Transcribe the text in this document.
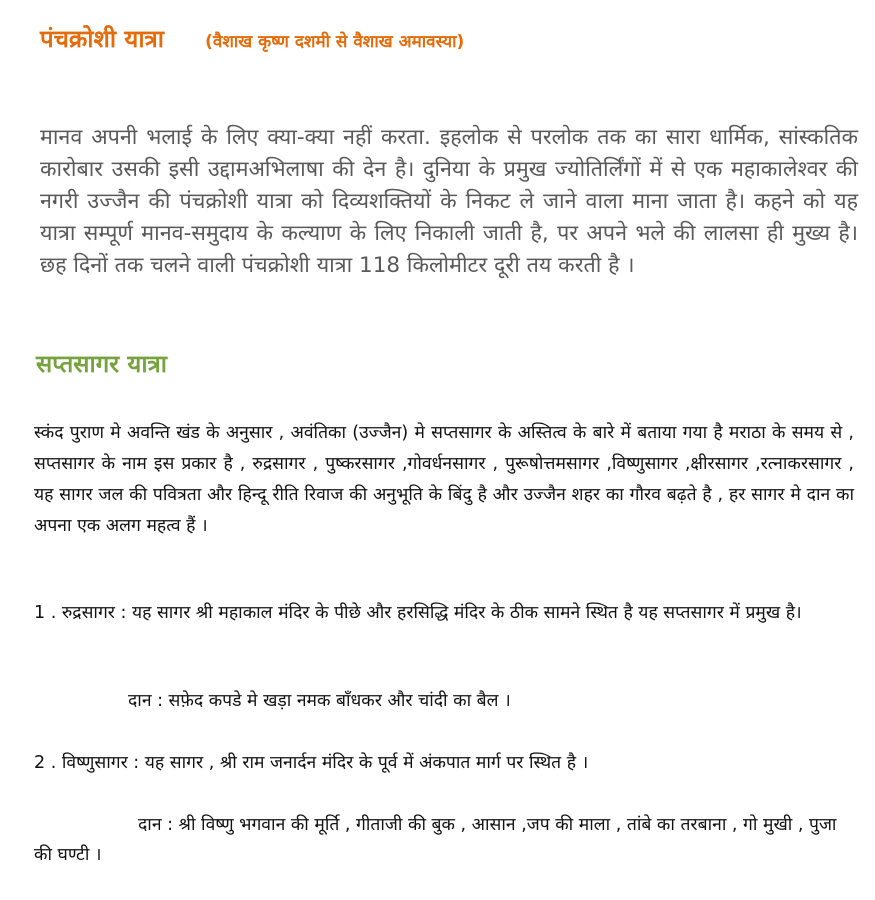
पंचक्रोशी यात्रा (वैशाख कृष्ण दशमी से वैशाख अमावस्या)

मानव अपनी भलाई के लिए क्या-क्या नहीं करता. इहलोक से परलोक तक का सारा धार्मिक, सांस्कतिक कारोबार उसकी इसी उद्दामअभिलाषा की देन है। दुनिया के प्रमुख ज्योतिर्लिंगों में से एक महाकालेश्वर की नगरी उज्जैन की पंचक्रोशी यात्रा को दिव्यशक्तियों के निकट ले जाने वाला माना जाता है। कहने को यह यात्रा सम्पूर्ण मानव-समुदाय के कल्याण के लिए निकाली जाती है, पर अपने भले की लालसा ही मुख्य है। छह दिनों तक चलने वाली पंचक्रोशी यात्रा 118 किलोमीटर दूरी तय करती है ।

सप्तसागर यात्रा

स्कंद पुराण मे अवन्ति खंड के अनुसार , अवंतिका (उज्जैन) मे सप्तसागर के अस्तित्व के बारे में बताया गया है मराठा के समय से , सप्तसागर के नाम इस प्रकार है , रुद्रसागर , पुष्करसागर ,गोवर्धनसागर , पुरूषोत्तमसागर ,विष्णुसागर ,क्षीरसागर ,रत्नाकरसागर , यह सागर जल की पवित्रता और हिन्दू रीति रिवाज की अनुभूति के बिंदु है और उज्जैन शहर का गौरव बढ़ते है , हर सागर मे दान का अपना एक अलग महत्व हैं ।

1 . रुद्रसागर : यह सागर श्री महाकाल मंदिर के पीछे और हरसिद्धि मंदिर के ठीक सामने स्थित है यह सप्तसागर में प्रमुख है।

दान : सफ़ेद कपडे मे खड़ा नमक बाँधकर और चांदी का बैल ।

2 . विष्णुसागर : यह सागर , श्री राम जनार्दन मंदिर के पूर्व में अंकपात मार्ग पर स्थित है ।

दान : श्री विष्णु भगवान की मूर्ति , गीताजी की बुक , आसान ,जप की माला , तांबे का तरबाना , गो मुखी , पुजा की घण्टी ।
